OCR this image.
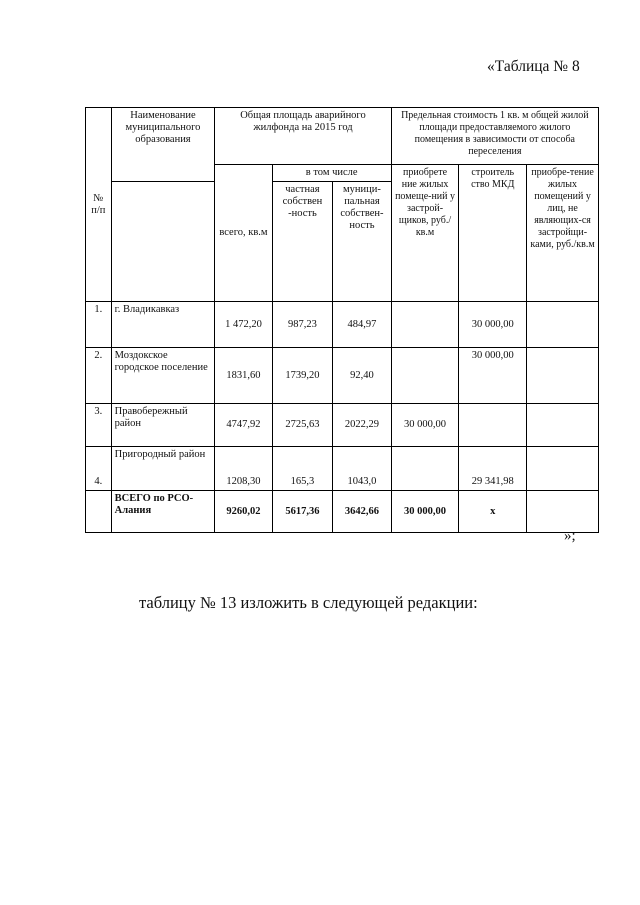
«Таблица № 8
№ п/п	Наименование муниципального образования	Общая площадь аварийного жилфонда на 2015 год			Предельная стоимость 1 кв. м общей жилой площади предоставляемого жилого помещения в зависимости от способа переселения		
		всего, кв.м	в том числе		приобрете ние жилых помеще-ний у застрой-щиков, руб./кв.м	строитель ство МКД	приобре-тение жилых помещений у лиц, не являющих-ся застройщи-ками, руб./кв.м
			частная собствен -ность	муници-пальная собствен-ность			
1.	г. Владикавказ	1 472,20	987,23	484,97		30 000,00	
2.	Моздокское городское поселение	1831,60	1739,20	92,40		30 000,00	
3.	Правобережный район	4747,92	2725,63	2022,29	30 000,00		
4.	Пригородный район	1208,30	165,3	1043,0		29 341,98	
	ВСЕГО по РСО-Алания	9260,02	5617,36	3642,66	30 000,00	х	
»;
таблицу № 13 изложить в следующей редакции:
